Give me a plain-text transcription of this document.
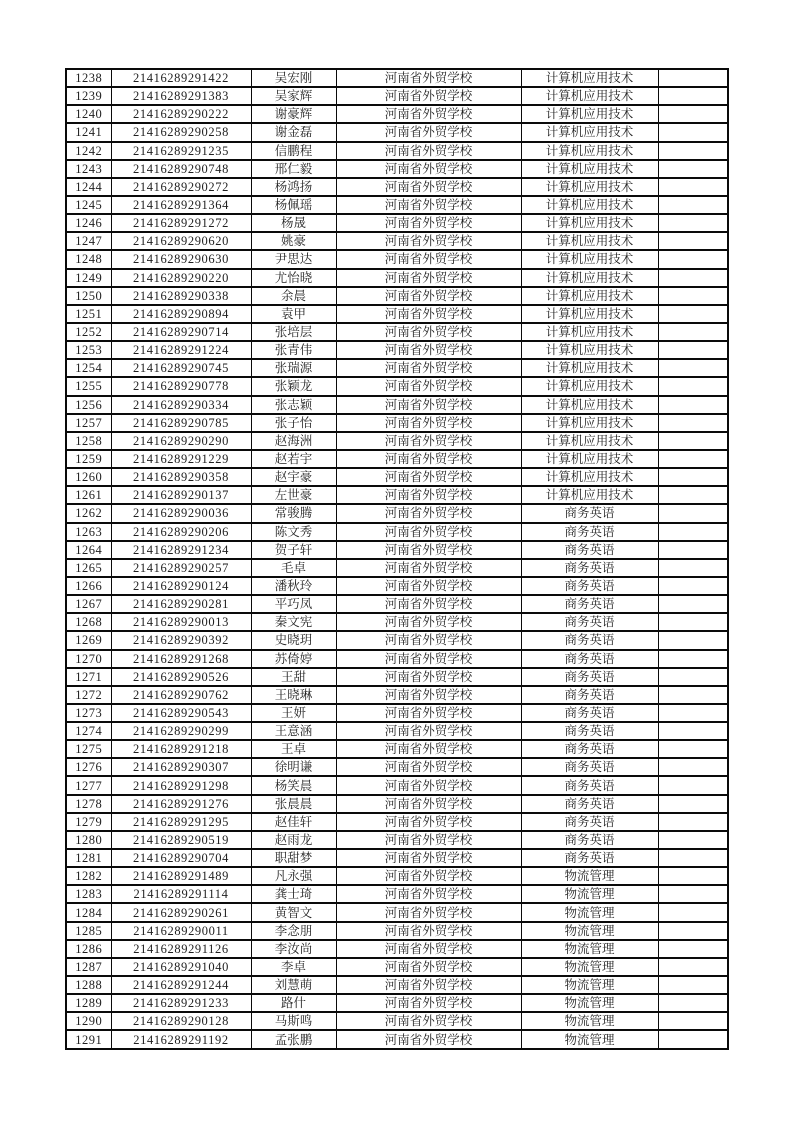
1238	21416289291422	吴宏刚	河南省外贸学校	计算机应用技术	
1239	21416289291383	吴家辉	河南省外贸学校	计算机应用技术	
1240	21416289290222	谢豪辉	河南省外贸学校	计算机应用技术	
1241	21416289290258	谢金磊	河南省外贸学校	计算机应用技术	
1242	21416289291235	信鹏程	河南省外贸学校	计算机应用技术	
1243	21416289290748	邢仁毅	河南省外贸学校	计算机应用技术	
1244	21416289290272	杨鸿扬	河南省外贸学校	计算机应用技术	
1245	21416289291364	杨佩瑶	河南省外贸学校	计算机应用技术	
1246	21416289291272	杨晟	河南省外贸学校	计算机应用技术	
1247	21416289290620	姚豪	河南省外贸学校	计算机应用技术	
1248	21416289290630	尹思达	河南省外贸学校	计算机应用技术	
1249	21416289290220	尤怡晓	河南省外贸学校	计算机应用技术	
1250	21416289290338	余晨	河南省外贸学校	计算机应用技术	
1251	21416289290894	袁甲	河南省外贸学校	计算机应用技术	
1252	21416289290714	张培层	河南省外贸学校	计算机应用技术	
1253	21416289291224	张青伟	河南省外贸学校	计算机应用技术	
1254	21416289290745	张瑞源	河南省外贸学校	计算机应用技术	
1255	21416289290778	张颖龙	河南省外贸学校	计算机应用技术	
1256	21416289290334	张志颖	河南省外贸学校	计算机应用技术	
1257	21416289290785	张子怡	河南省外贸学校	计算机应用技术	
1258	21416289290290	赵海洲	河南省外贸学校	计算机应用技术	
1259	21416289291229	赵若宇	河南省外贸学校	计算机应用技术	
1260	21416289290358	赵宇豪	河南省外贸学校	计算机应用技术	
1261	21416289290137	左世豪	河南省外贸学校	计算机应用技术	
1262	21416289290036	常骏腾	河南省外贸学校	商务英语	
1263	21416289290206	陈文秀	河南省外贸学校	商务英语	
1264	21416289291234	贺子轩	河南省外贸学校	商务英语	
1265	21416289290257	毛卓	河南省外贸学校	商务英语	
1266	21416289290124	潘秋玲	河南省外贸学校	商务英语	
1267	21416289290281	平巧凤	河南省外贸学校	商务英语	
1268	21416289290013	秦文宪	河南省外贸学校	商务英语	
1269	21416289290392	史晓玥	河南省外贸学校	商务英语	
1270	21416289291268	苏倚婷	河南省外贸学校	商务英语	
1271	21416289290526	王甜	河南省外贸学校	商务英语	
1272	21416289290762	王晓琳	河南省外贸学校	商务英语	
1273	21416289290543	王妍	河南省外贸学校	商务英语	
1274	21416289290299	王意涵	河南省外贸学校	商务英语	
1275	21416289291218	王卓	河南省外贸学校	商务英语	
1276	21416289290307	徐明谦	河南省外贸学校	商务英语	
1277	21416289291298	杨笑晨	河南省外贸学校	商务英语	
1278	21416289291276	张晨晨	河南省外贸学校	商务英语	
1279	21416289291295	赵佳轩	河南省外贸学校	商务英语	
1280	21416289290519	赵雨龙	河南省外贸学校	商务英语	
1281	21416289290704	职甜梦	河南省外贸学校	商务英语	
1282	21416289291489	凡永强	河南省外贸学校	物流管理	
1283	21416289291114	龚士琦	河南省外贸学校	物流管理	
1284	21416289290261	黄智文	河南省外贸学校	物流管理	
1285	21416289290011	李念朋	河南省外贸学校	物流管理	
1286	21416289291126	李汝尚	河南省外贸学校	物流管理	
1287	21416289291040	李卓	河南省外贸学校	物流管理	
1288	21416289291244	刘慧萌	河南省外贸学校	物流管理	
1289	21416289291233	路什	河南省外贸学校	物流管理	
1290	21416289290128	马斯鸣	河南省外贸学校	物流管理	
1291	21416289291192	孟张鹏	河南省外贸学校	物流管理	
